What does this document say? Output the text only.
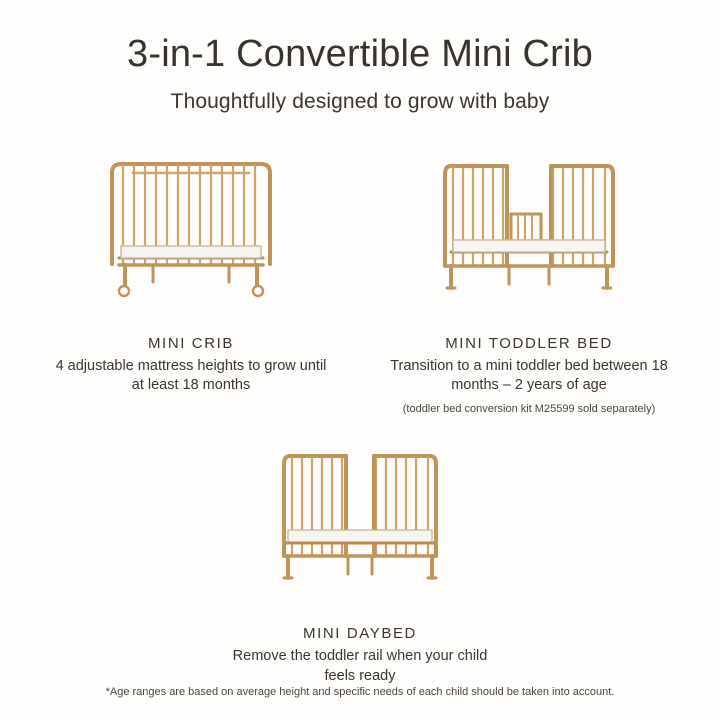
3-in-1 Convertible Mini Crib
Thoughtfully designed to grow with baby
MINI CRIB
4 adjustable mattress heights to grow until at least 18 months
MINI TODDLER BED
Transition to a mini toddler bed between 18 months – 2 years of age
(toddler bed conversion kit M25599 sold separately)
MINI DAYBED
Remove the toddler rail when your child feels ready
*Age ranges are based on average height and specific needs of each child should be taken into account.
